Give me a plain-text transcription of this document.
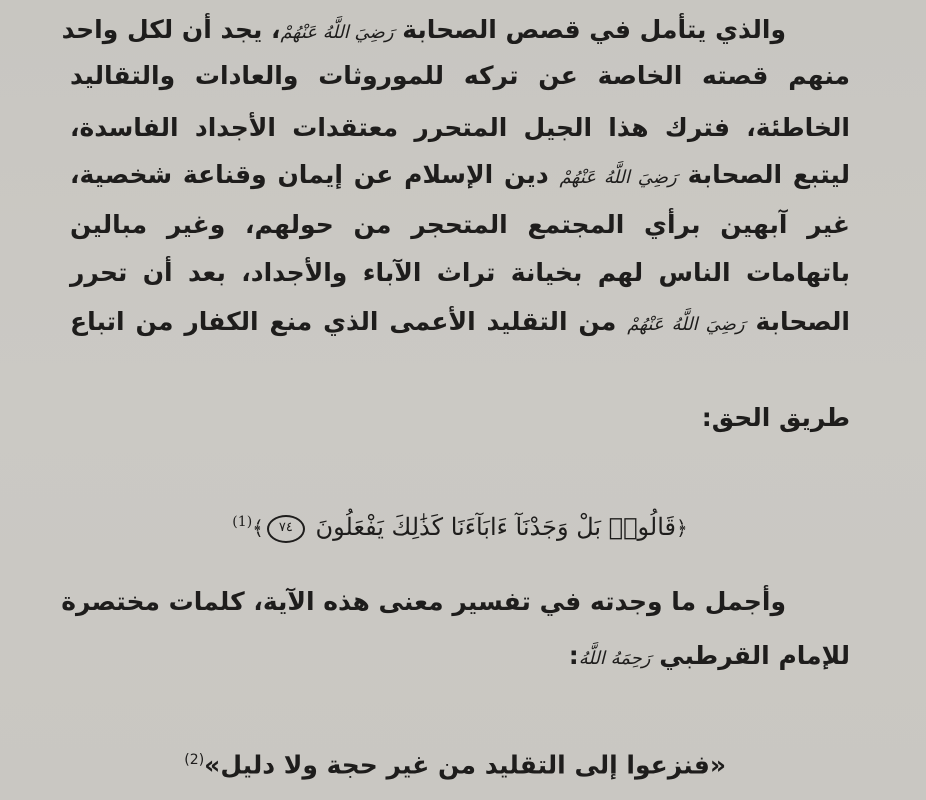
والذي يتأمل في قصص الصحابة رَضِيَ اللَّهُ عَنْهُمْ، يجد أن لكل واحد
منهم قصته الخاصة عن تركه للموروثات والعادات والتقاليد
الخاطئة، فترك هذا الجيل المتحرر معتقدات الأجداد الفاسدة،
ليتبع الصحابة رَضِيَ اللَّهُ عَنْهُمْ دين الإسلام عن إيمان وقناعة شخصية،
غير آبهين برأي المجتمع المتحجر من حولهم، وغير مبالين
باتهامات الناس لهم بخيانة تراث الآباء والأجداد، بعد أن تحرر
الصحابة رَضِيَ اللَّهُ عَنْهُمْ من التقليد الأعمى الذي منع الكفار من اتباع
طريق الحق:
﴿قَالُوا۟ بَلْ وَجَدْنَآ ءَابَآءَنَا كَذَٰلِكَ يَفْعَلُونَ ٧٤﴾$^{(1)}$
وأجمل ما وجدته في تفسير معنى هذه الآية، كلمات مختصرة
للإمام القرطبي رَحِمَهُ اللَّهُ:
«فنزعوا إلى التقليد من غير حجة ولا دليل»$^{(2)}$
